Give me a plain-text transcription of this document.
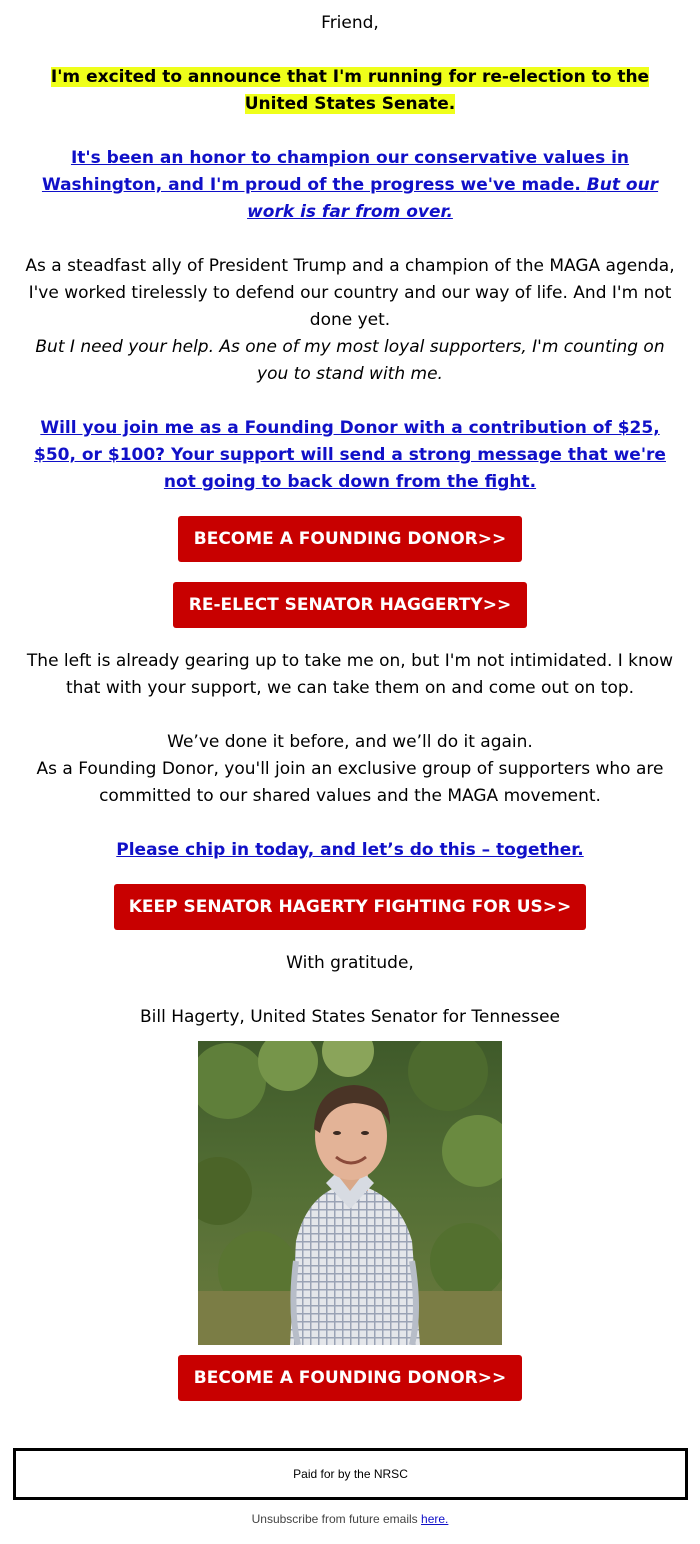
Friend,

I'm excited to announce that I'm running for re-election to the United States Senate.

It's been an honor to champion our conservative values in Washington, and I'm proud of the progress we've made. But our work is far from over.

As a steadfast ally of President Trump and a champion of the MAGA agenda, I've worked tirelessly to defend our country and our way of life. And I'm not done yet.

But I need your help. As one of my most loyal supporters, I'm counting on you to stand with me.

Will you join me as a Founding Donor with a contribution of $25, $50, or $100? Your support will send a strong message that we're not going to back down from the fight.

BECOME A FOUNDING DONOR>>
RE-ELECT SENATOR HAGGERTY>>

The left is already gearing up to take me on, but I'm not intimidated. I know that with your support, we can take them on and come out on top.

We’ve done it before, and we’ll do it again.

As a Founding Donor, you'll join an exclusive group of supporters who are committed to our shared values and the MAGA movement.

Please chip in today, and let’s do this – together.

KEEP SENATOR HAGERTY FIGHTING FOR US>>

With gratitude,

Bill Hagerty, United States Senator for Tennessee

BECOME A FOUNDING DONOR>>
Paid for by the NRSC
Unsubscribe from future emails here.
